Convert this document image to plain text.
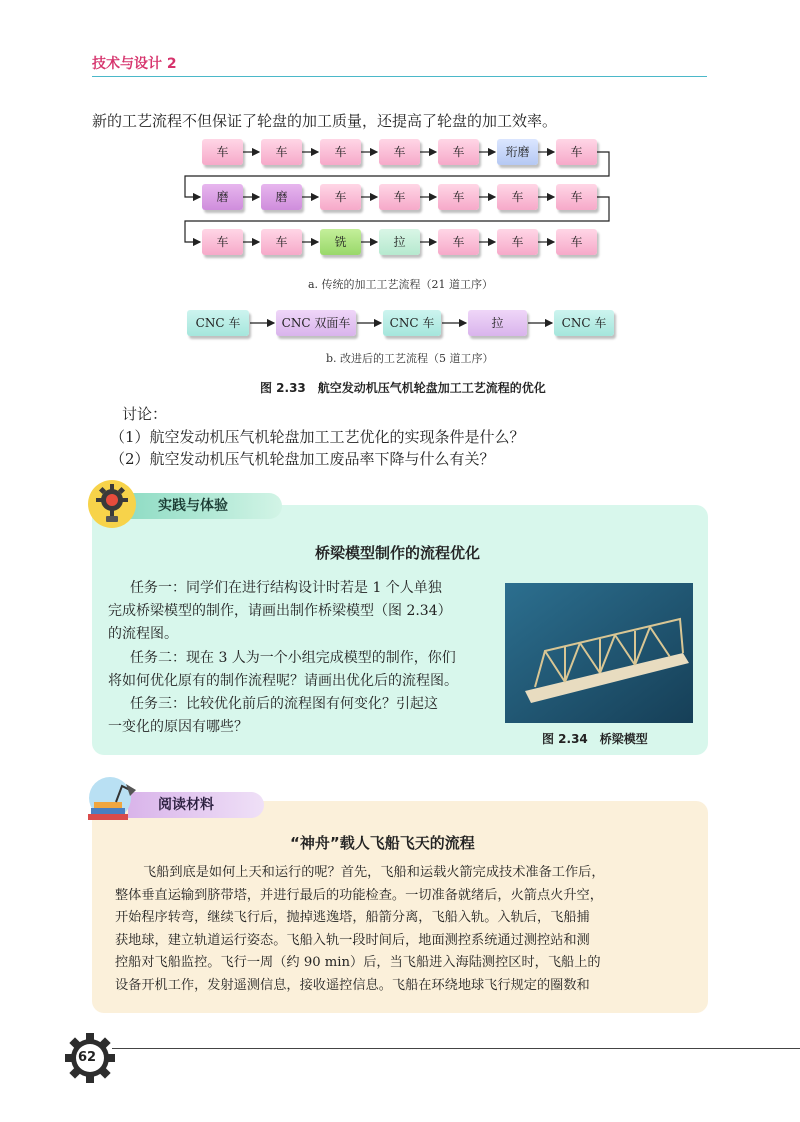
技术与设计 2
新的工艺流程不但保证了轮盘的加工质量，还提高了轮盘的加工效率。
车	车	车	车	车	珩磨	车
磨	磨	车	车	车	车	车
车	车	铣	拉	车	车	车
a. 传统的加工工艺流程（21 道工序）
CNC 车	CNC 双面车	CNC 车	拉	CNC 车
b. 改进后的工艺流程（5 道工序）
图 2.33　航空发动机压气机轮盘加工工艺流程的优化
讨论：
（1）航空发动机压气机轮盘加工工艺优化的实现条件是什么？
（2）航空发动机压气机轮盘加工废品率下降与什么有关？
实践与体验
桥梁模型制作的流程优化
任务一：同学们在进行结构设计时若是 1 个人单独
完成桥梁模型的制作，请画出制作桥梁模型（图 2.34）
的流程图。
任务二：现在 3 人为一个小组完成模型的制作，你们
将如何优化原有的制作流程呢？请画出优化后的流程图。
任务三：比较优化前后的流程图有何变化？引起这
一变化的原因有哪些？
图 2.34　桥梁模型
阅读材料
“神舟”载人飞船飞天的流程
飞船到底是如何上天和运行的呢？首先，飞船和运载火箭完成技术准备工作后，
整体垂直运输到脐带塔，并进行最后的功能检查。一切准备就绪后，火箭点火升空，
开始程序转弯，继续飞行后，抛掉逃逸塔，船箭分离，飞船入轨。入轨后，飞船捕
获地球，建立轨道运行姿态。飞船入轨一段时间后，地面测控系统通过测控站和测
控船对飞船监控。飞行一周（约 90 min）后，当飞船进入海陆测控区时，飞船上的
设备开机工作，发射遥测信息，接收遥控信息。飞船在环绕地球飞行规定的圈数和
62
